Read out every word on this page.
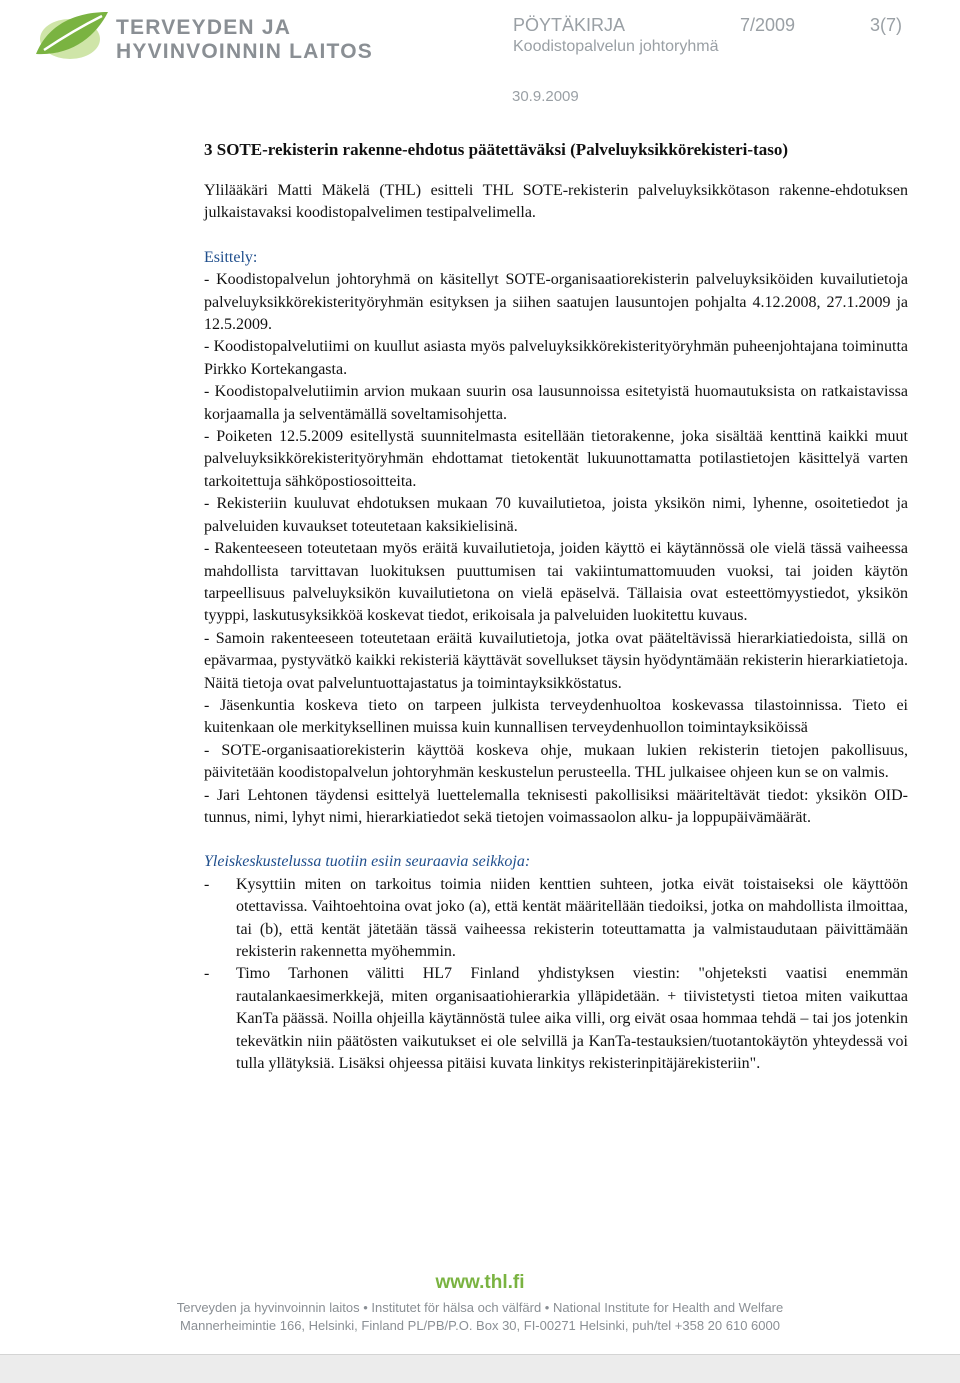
TERVEYDEN JA
HYVINVOINNIN LAITOS
PÖYTÄKIRJA	7/2009	3(7)
Koodistopalvelun johtoryhmä
30.9.2009
3 SOTE-rekisterin rakenne-ehdotus päätettäväksi (Palveluyksikkörekisteri-taso)

Ylilääkäri Matti Mäkelä (THL) esitteli THL SOTE-rekisterin palveluyksikkötason rakenne-ehdotuksen julkaistavaksi koodistopalvelimen testipalvelimella.

Esittely:

- Koodistopalvelun johtoryhmä on käsitellyt SOTE-organisaatiorekisterin palveluyksiköiden kuvailutietoja palveluyksikkörekisterityöryhmän esityksen ja siihen saatujen lausuntojen pohjalta 4.12.2008, 27.1.2009 ja 12.5.2009.

- Koodistopalvelutiimi on kuullut asiasta myös palveluyksikkörekisterityöryhmän puheenjohtajana toiminutta Pirkko Kortekangasta.

- Koodistopalvelutiimin arvion mukaan suurin osa lausunnoissa esitetyistä huomautuksista on ratkaistavissa korjaamalla ja selventämällä soveltamisohjetta.

- Poiketen 12.5.2009 esitellystä suunnitelmasta esitellään tietorakenne, joka sisältää kenttinä kaikki muut palveluyksikkörekisterityöryhmän ehdottamat tietokentät lukuunottamatta potilastietojen käsittelyä varten tarkoitettuja sähköpostiosoitteita.

- Rekisteriin kuuluvat ehdotuksen mukaan 70 kuvailutietoa, joista yksikön nimi, lyhenne, osoitetiedot ja palveluiden kuvaukset toteutetaan kaksikielisinä.

- Rakenteeseen toteutetaan myös eräitä kuvailutietoja, joiden käyttö ei käytännössä ole vielä tässä vaiheessa mahdollista tarvittavan luokituksen puuttumisen tai vakiintumattomuuden vuoksi, tai joiden käytön tarpeellisuus palveluyksikön kuvailutietona on vielä epäselvä. Tällaisia ovat esteettömyystiedot, yksikön tyyppi, laskutusyksikköä koskevat tiedot, erikoisala ja palveluiden luokitettu kuvaus.

- Samoin rakenteeseen toteutetaan eräitä kuvailutietoja, jotka ovat pääteltävissä hierarkiatiedoista, sillä on epävarmaa, pystyvätkö kaikki rekisteriä käyttävät sovellukset täysin hyödyntämään rekisterin hierarkiatietoja. Näitä tietoja ovat palveluntuottajastatus ja toimintayksikköstatus.

- Jäsenkuntia koskeva tieto on tarpeen julkista terveydenhuoltoa koskevassa tilastoinnissa. Tieto ei kuitenkaan ole merkityksellinen muissa kuin kunnallisen terveydenhuollon toimintayksiköissä

- SOTE-organisaatiorekisterin käyttöä koskeva ohje, mukaan lukien rekisterin tietojen pakollisuus, päivitetään koodistopalvelun johtoryhmän keskustelun perusteella. THL julkaisee ohjeen kun se on valmis.

- Jari Lehtonen täydensi esittelyä luettelemalla teknisesti pakollisiksi määriteltävät tiedot: yksikön OID-tunnus, nimi, lyhyt nimi, hierarkiatiedot sekä tietojen voimassaolon alku- ja loppupäivämäärät.

Yleiskeskustelussa tuotiin esiin seuraavia seikkoja:
-	Kysyttiin miten on tarkoitus toimia niiden kenttien suhteen, jotka eivät toistaiseksi ole käyttöön otettavissa. Vaihtoehtoina ovat joko (a), että kentät määritellään tiedoiksi, jotka on mahdollista ilmoittaa, tai (b), että kentät jätetään tässä vaiheessa rekisterin toteuttamatta ja valmistaudutaan päivittämään rekisterin rakennetta myöhemmin.
-	Timo Tarhonen välitti HL7 Finland yhdistyksen viestin: "ohjeteksti vaatisi enemmän rautalankaesimerkkejä, miten organisaatiohierarkia ylläpidetään. + tiivistetysti tietoa miten vaikuttaa KanTa päässä. Noilla ohjeilla käytännöstä tulee aika villi, org eivät osaa hommaa tehdä – tai jos jotenkin tekevätkin niin päätösten vaikutukset ei ole selvillä ja KanTa-testauksien/tuotantokäytön yhteydessä voi tulla yllätyksiä. Lisäksi ohjeessa pitäisi kuvata linkitys rekisterinpitäjärekisteriin".
www.thl.fi
Terveyden ja hyvinvoinnin laitos • Institutet för hälsa och välfärd • National Institute for Health and Welfare
Mannerheimintie 166, Helsinki, Finland PL/PB/P.O. Box 30, FI-00271 Helsinki, puh/tel +358 20 610 6000
